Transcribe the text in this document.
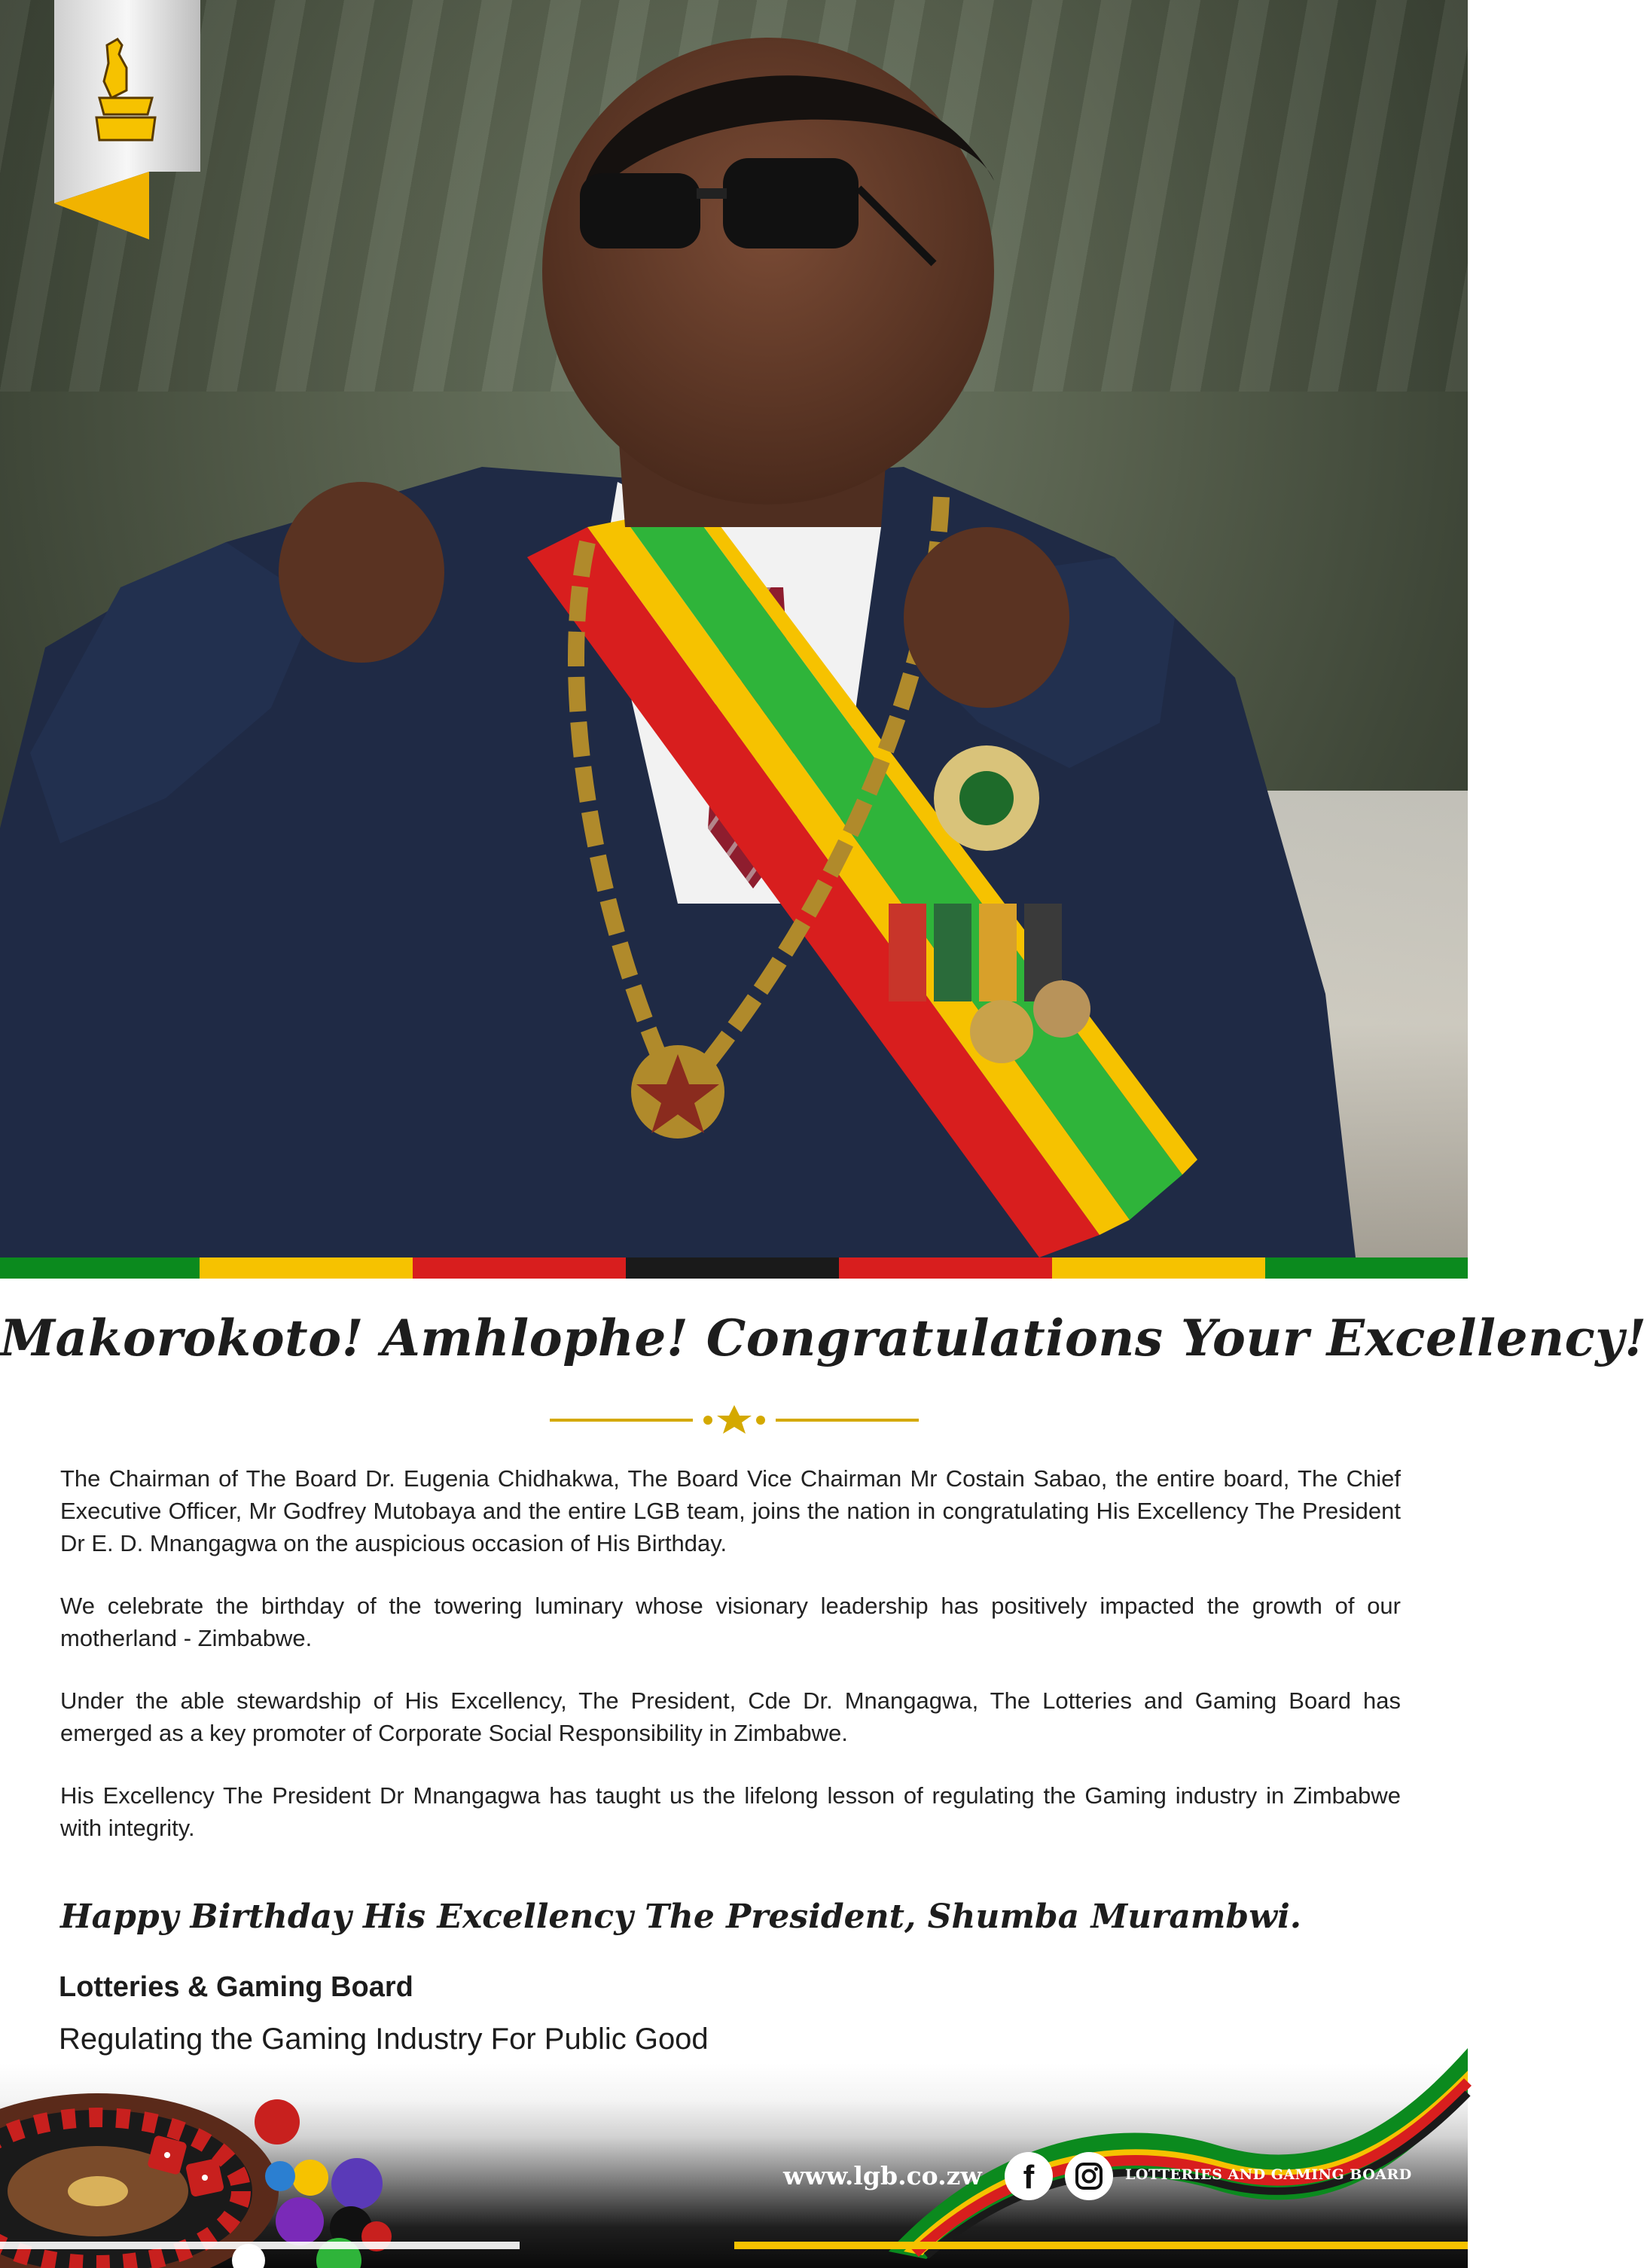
Makorokoto! Amhlophe! Congratulations Your Excellency!

The Chairman of The Board Dr. Eugenia Chidhakwa, The Board Vice Chairman Mr Costain Sabao, the entire board, The Chief Executive Officer, Mr Godfrey Mutobaya and the entire LGB team, joins the nation in congratulating His Excellency The President Dr E. D. Mnangagwa on the auspicious occasion of His Birthday.

We celebrate the birthday of the towering luminary whose visionary leadership has positively impacted the growth of our motherland - Zimbabwe.

Under the able stewardship of His Excellency, The President, Cde Dr. Mnangagwa, The Lotteries and Gaming Board has emerged as a key promoter of Corporate Social Responsibility in Zimbabwe.

His Excellency The President Dr Mnangagwa has taught us the lifelong lesson of regulating the Gaming industry in Zimbabwe with integrity.

Happy Birthday His Excellency The President, Shumba Murambwi.
Lotteries & Gaming Board
Regulating the Gaming Industry For Public Good
www.lgb.co.zw f	LOTTERIES AND GAMING BOARD
